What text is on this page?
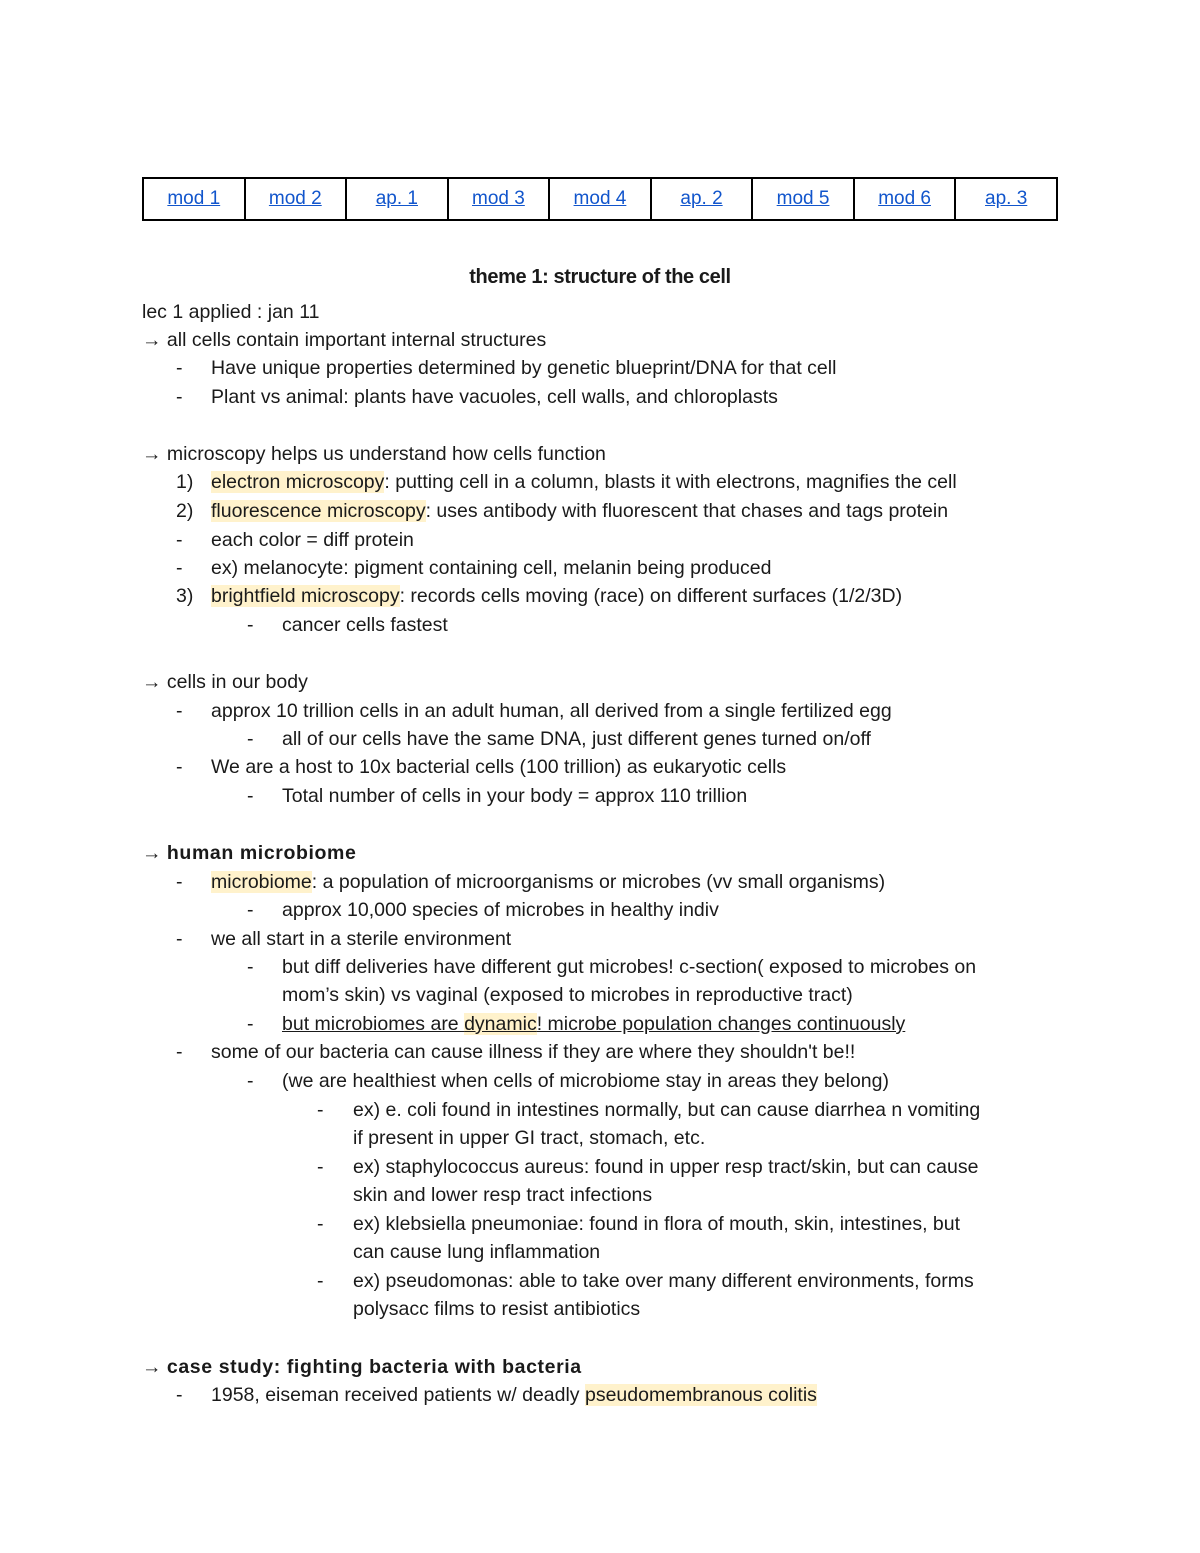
mod 1	mod 2	ap. 1	mod 3	mod 4	ap. 2	mod 5	mod 6	ap. 3
theme 1: structure of the cell
lec 1 applied : jan 11
→ all cells contain important internal structures
- Have unique properties determined by genetic blueprint/DNA for that cell
- Plant vs animal: plants have vacuoles, cell walls, and chloroplasts
→ microscopy helps us understand how cells function
1) electron microscopy: putting cell in a column, blasts it with electrons, magnifies the cell
2) fluorescence microscopy: uses antibody with fluorescent that chases and tags protein
- each color = diff protein
- ex) melanocyte: pigment containing cell, melanin being produced
3) brightfield microscopy: records cells moving (race) on different surfaces (1/2/3D)
- cancer cells fastest
→ cells in our body
- approx 10 trillion cells in an adult human, all derived from a single fertilized egg
- all of our cells have the same DNA, just different genes turned on/off
- We are a host to 10x bacterial cells (100 trillion) as eukaryotic cells
- Total number of cells in your body = approx 110 trillion
→ human microbiome
- microbiome: a population of microorganisms or microbes (vv small organisms)
- approx 10,000 species of microbes in healthy indiv
- we all start in a sterile environment
- but diff deliveries have different gut microbes! c-section( exposed to microbes on
mom’s skin) vs vaginal (exposed to microbes in reproductive tract)
- but microbiomes are dynamic! microbe population changes continuously
- some of our bacteria can cause illness if they are where they shouldn't be!!
- (we are healthiest when cells of microbiome stay in areas they belong)
- ex) e. coli found in intestines normally, but can cause diarrhea n vomiting
if present in upper GI tract, stomach, etc.
- ex) staphylococcus aureus: found in upper resp tract/skin, but can cause
skin and lower resp tract infections
- ex) klebsiella pneumoniae: found in flora of mouth, skin, intestines, but
can cause lung inflammation
- ex) pseudomonas: able to take over many different environments, forms
polysacc films to resist antibiotics
→ case study: fighting bacteria with bacteria
- 1958, eiseman received patients w/ deadly pseudomembranous colitis
